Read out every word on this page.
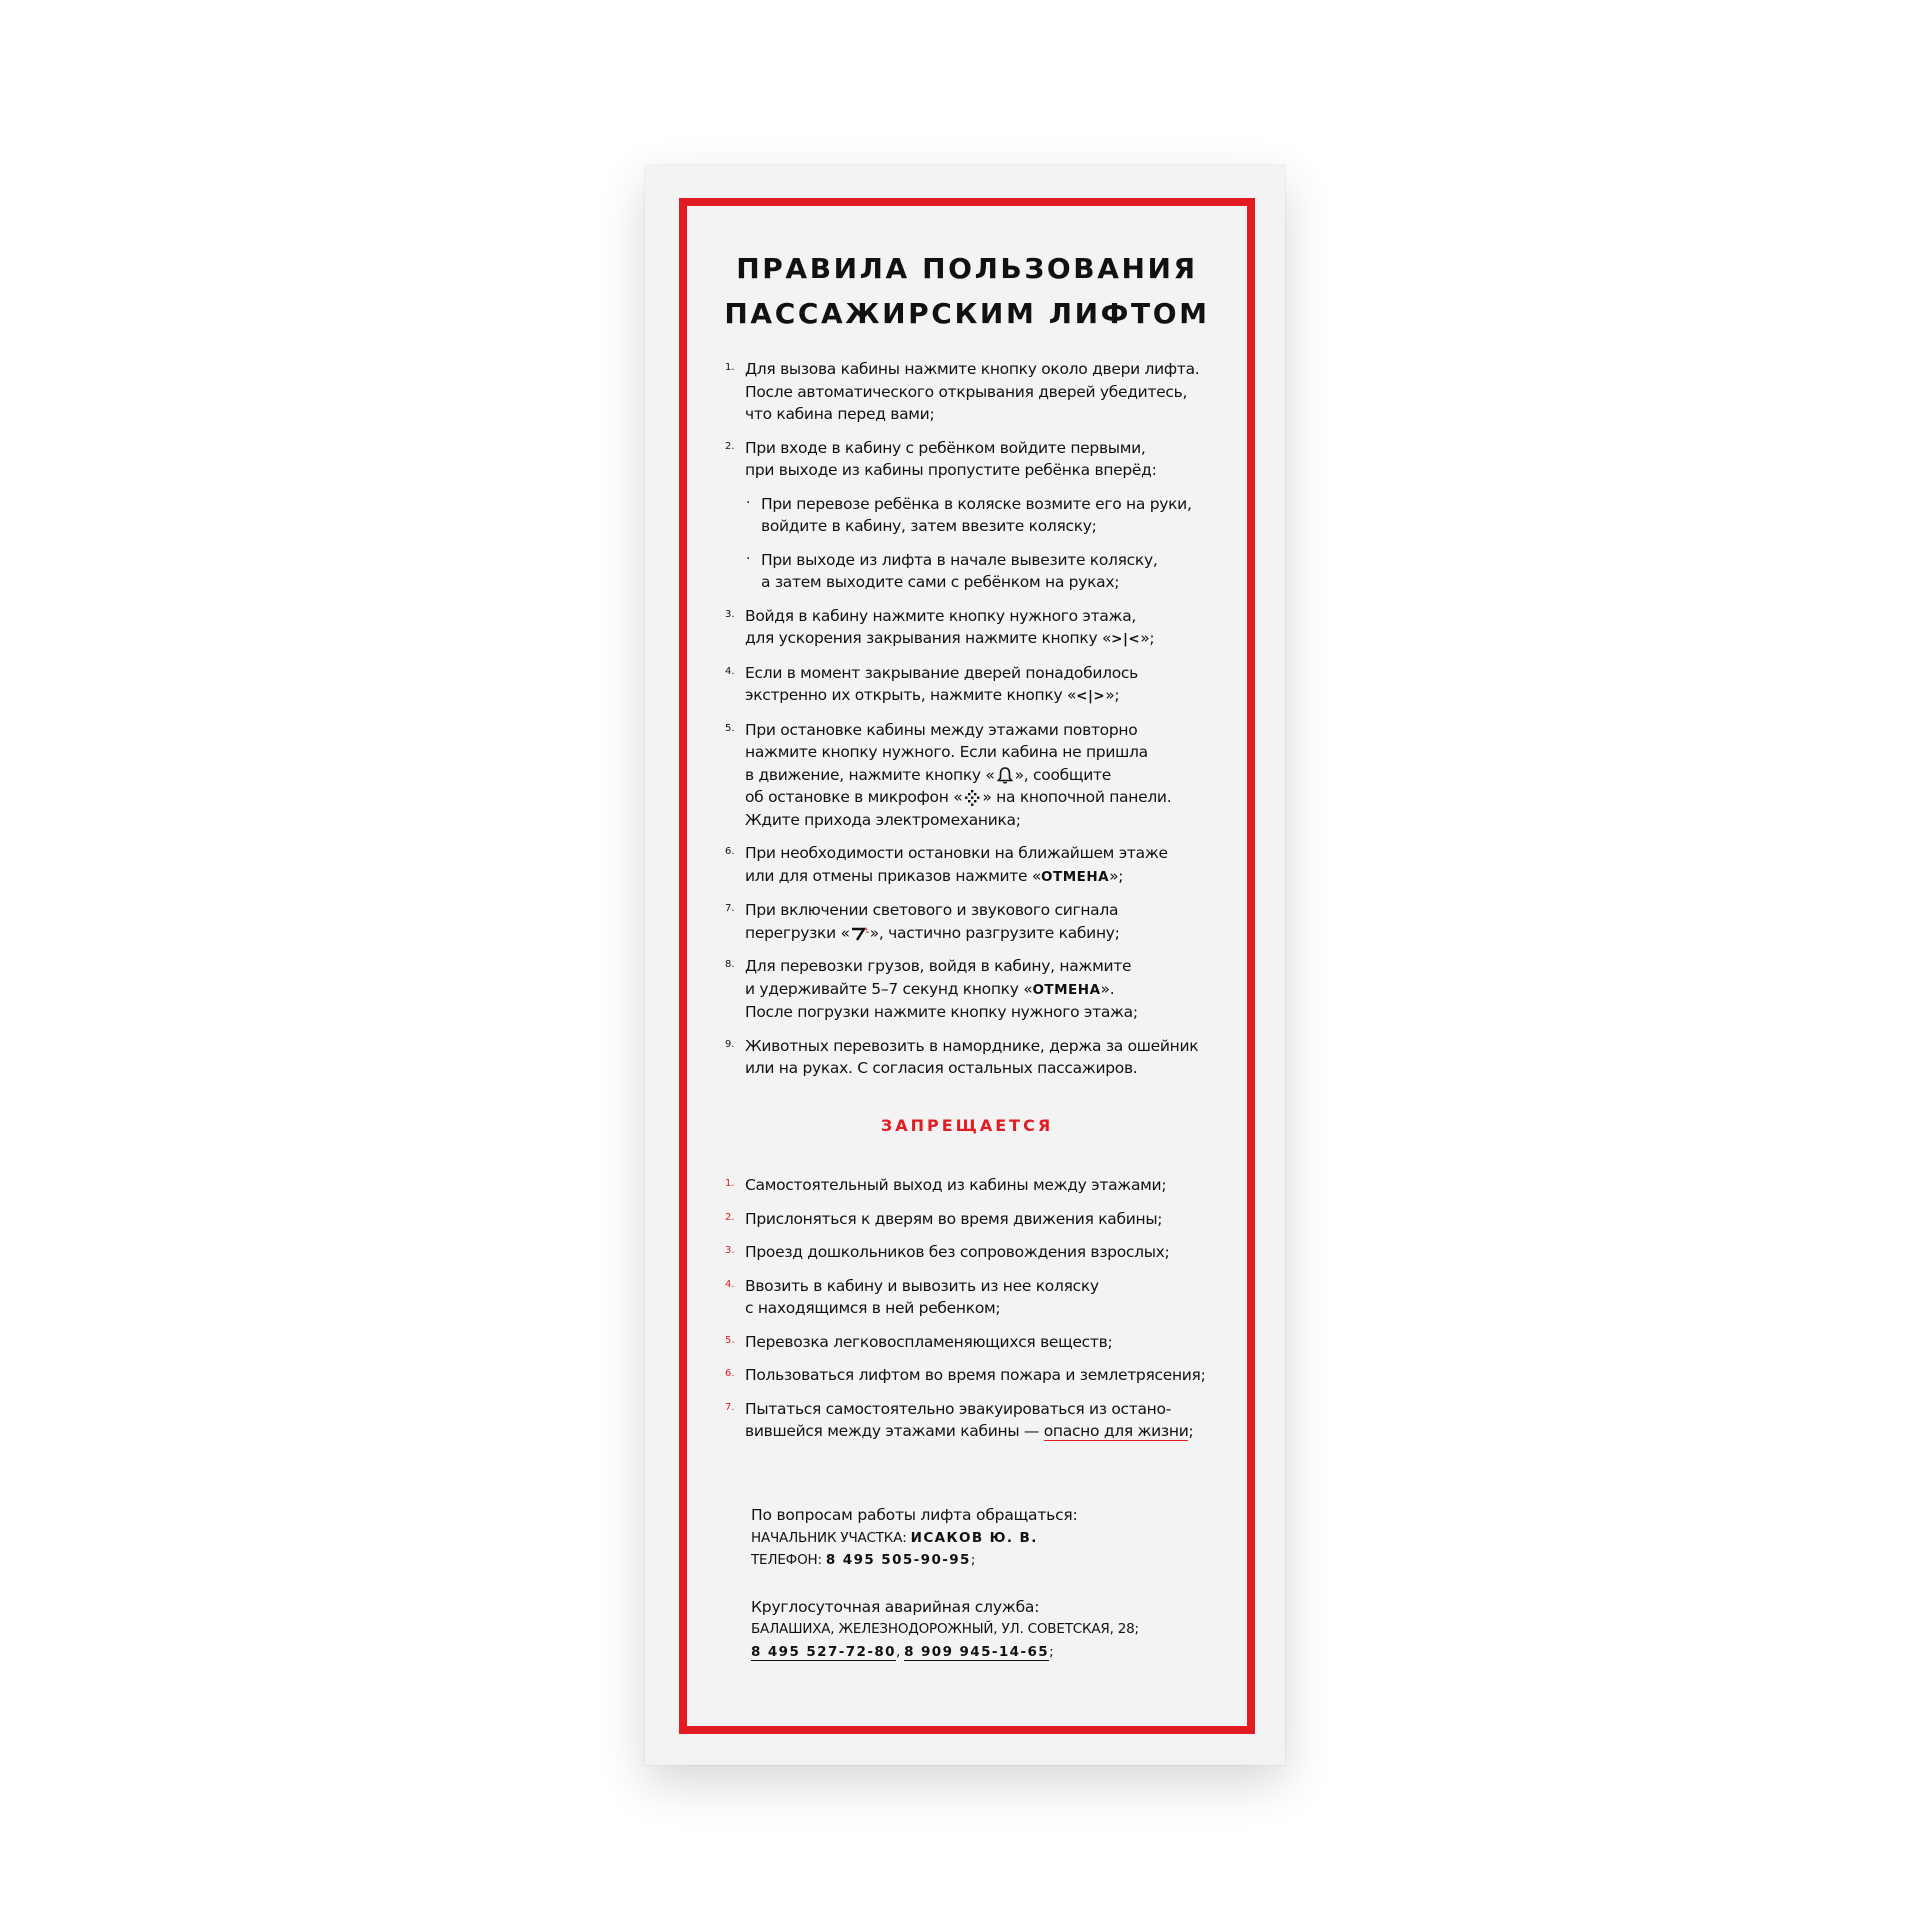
ПРАВИЛА ПОЛЬЗОВАНИЯ
ПАССАЖИРСКИМ ЛИФТОМ
1. Для вызова кабины нажмите кнопку около двери лифта.
После автоматического открывания дверей убедитесь,
что кабина перед вами;
2. При входе в кабину с ребёнком войдите первыми,
при выходе из кабины пропустите ребёнка вперёд:
· При перевозе ребёнка в коляске возмите его на руки,
войдите в кабину, затем ввезите коляску;
· При выходе из лифта в начале вывезите коляску,
а затем выходите сами с ребёнком на руках;
3. Войдя в кабину нажмите кнопку нужного этажа,
для ускорения закрывания нажмите кнопку «>|<»;
4. Если в момент закрывание дверей понадобилось
экстренно их открыть, нажмите кнопку «<|>»;
5. При остановке кабины между этажами повторно
нажмите кнопку нужного. Если кабина не пришла
в движение, нажмите кнопку « », сообщите
об остановке в микрофон « » на кнопочной панели.
Ждите прихода электромеханика;
6. При необходимости остановки на ближайшем этаже
или для отмены приказов нажмите «ОТМЕНА»;
7. При включении светового и звукового сигнала
перегрузки « », частично разгрузите кабину;
8. Для перевозки грузов, войдя в кабину, нажмите
и удерживайте 5–7 секунд кнопку «ОТМЕНА».
После погрузки нажмите кнопку нужного этажа;
9. Животных перевозить в наморднике, держа за ошейник
или на руках. С согласия остальных пассажиров.
ЗАПРЕЩАЕТСЯ
1. Самостоятельный выход из кабины между этажами;
2. Прислоняться к дверям во время движения кабины;
3. Проезд дошкольников без сопровождения взрослых;
4. Ввозить в кабину и вывозить из нее коляску
с находящимся в ней ребенком;
5. Перевозка легковоспламеняющихся веществ;
6. Пользоваться лифтом во время пожара и землетрясения;
7. Пытаться самостоятельно эвакуироваться из остано-
вившейся между этажами кабины — опасно для жизни;
По вопросам работы лифта обращаться:
НАЧАЛЬНИК УЧАСТКА: ИСАКОВ Ю. В.
ТЕЛЕФОН: 8 495 505-90-95;
Круглосуточная аварийная служба:
БАЛАШИХА, ЖЕЛЕЗНОДОРОЖНЫЙ, УЛ. СОВЕТСКАЯ, 28;
8 495 527-72-80, 8 909 945-14-65;
